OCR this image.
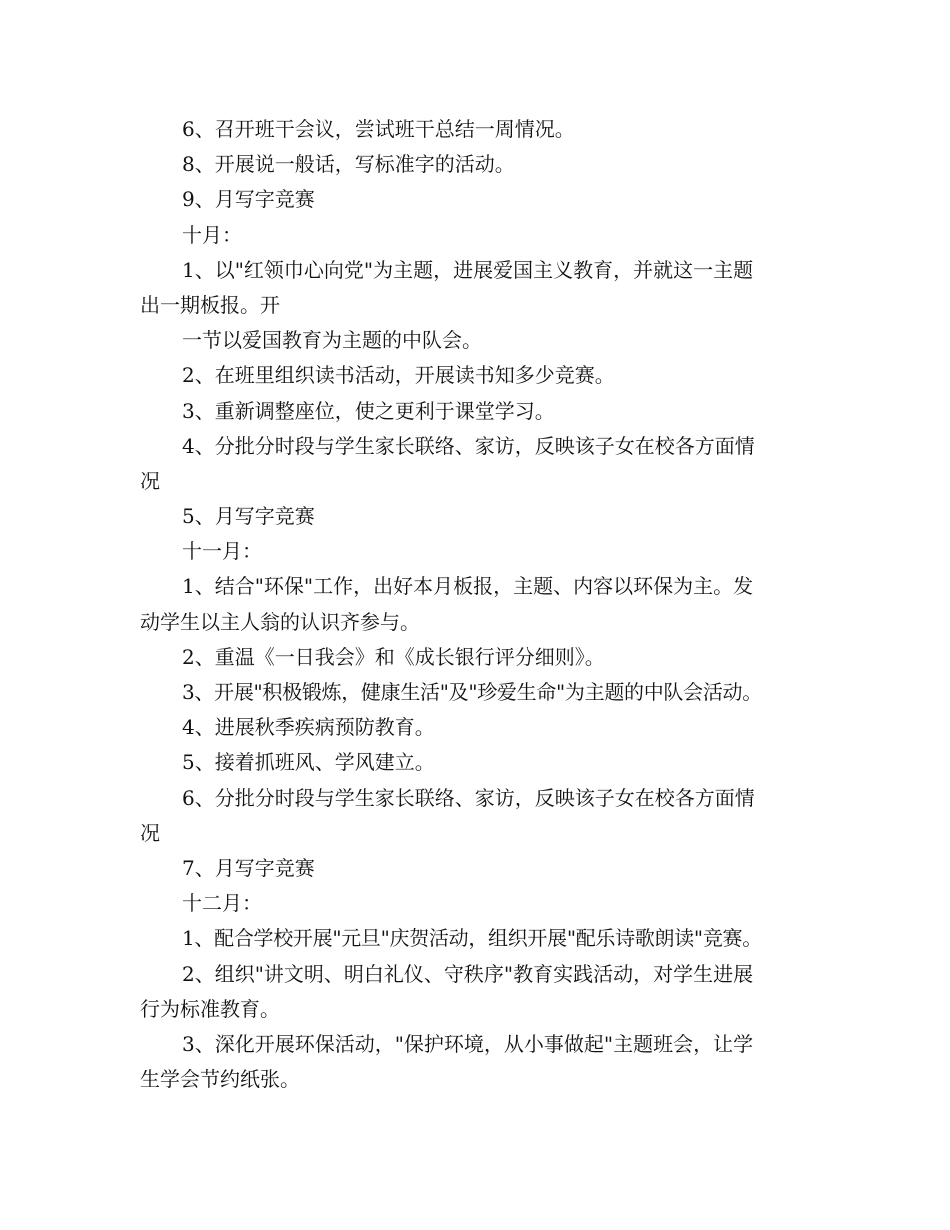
6、召开班干会议，尝试班干总结一周情况。
8、开展说一般话，写标准字的活动。
9、月写字竞赛
十月：
1、以"红领巾心向党"为主题，进展爱国主义教育，并就这一主题
出一期板报。开
一节以爱国教育为主题的中队会。
2、在班里组织读书活动，开展读书知多少竞赛。
3、重新调整座位，使之更利于课堂学习。
4、分批分时段与学生家长联络、家访，反映该子女在校各方面情
况
5、月写字竞赛
十一月：
1、结合"环保"工作，出好本月板报，主题、内容以环保为主。发
动学生以主人翁的认识齐参与。
2、重温《一日我会》和《成长银行评分细则》。
3、开展"积极锻炼，健康生活"及"珍爱生命"为主题的中队会活动。
4、进展秋季疾病预防教育。
5、接着抓班风、学风建立。
6、分批分时段与学生家长联络、家访，反映该子女在校各方面情
况
7、月写字竞赛
十二月：
1、配合学校开展"元旦"庆贺活动，组织开展"配乐诗歌朗读"竞赛。
2、组织"讲文明、明白礼仪、守秩序"教育实践活动，对学生进展
行为标准教育。
3、深化开展环保活动，"保护环境，从小事做起"主题班会，让学
生学会节约纸张。
